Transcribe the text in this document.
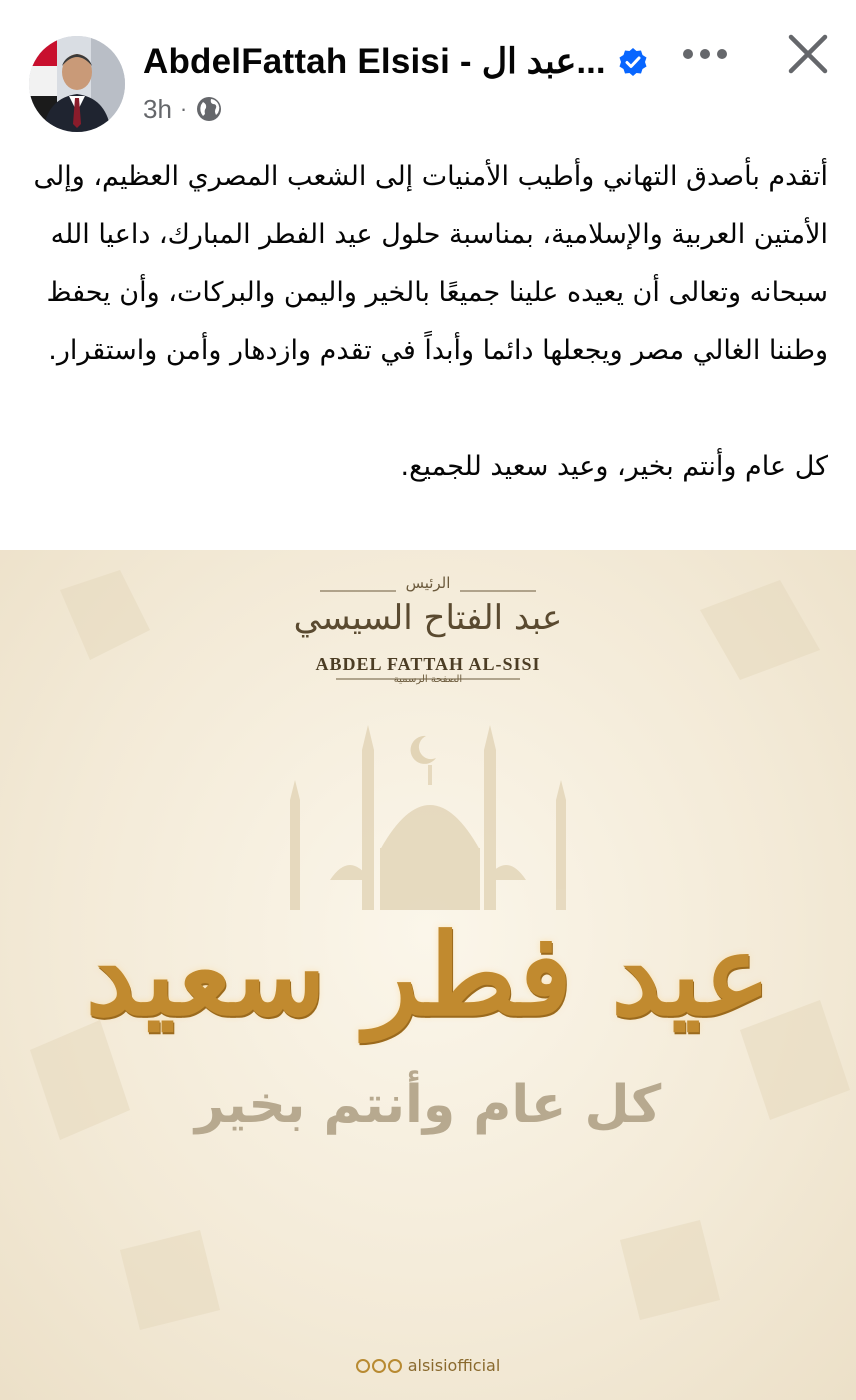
AbdelFattah Elsisi - عبد ال...
3h ·

أتقدم بأصدق التهاني وأطيب الأمنيات إلى الشعب المصري العظيم، وإلى الأمتين العربية والإسلامية، بمناسبة حلول عيد الفطر المبارك، داعيا الله سبحانه وتعالى أن يعيده علينا جميعًا بالخير واليمن والبركات، وأن يحفظ وطننا الغالي مصر ويجعلها دائما وأبداً في تقدم وازدهار وأمن واستقرار.

كل عام وأنتم بخير، وعيد سعيد للجميع.

الرئيس
عبد الفتاح السيسي
ABDEL FATTAH AL-SISI
الصفحة الرسمية
عيد فطر سعيد
كل عام وأنتم بخير
alsisiofficial
